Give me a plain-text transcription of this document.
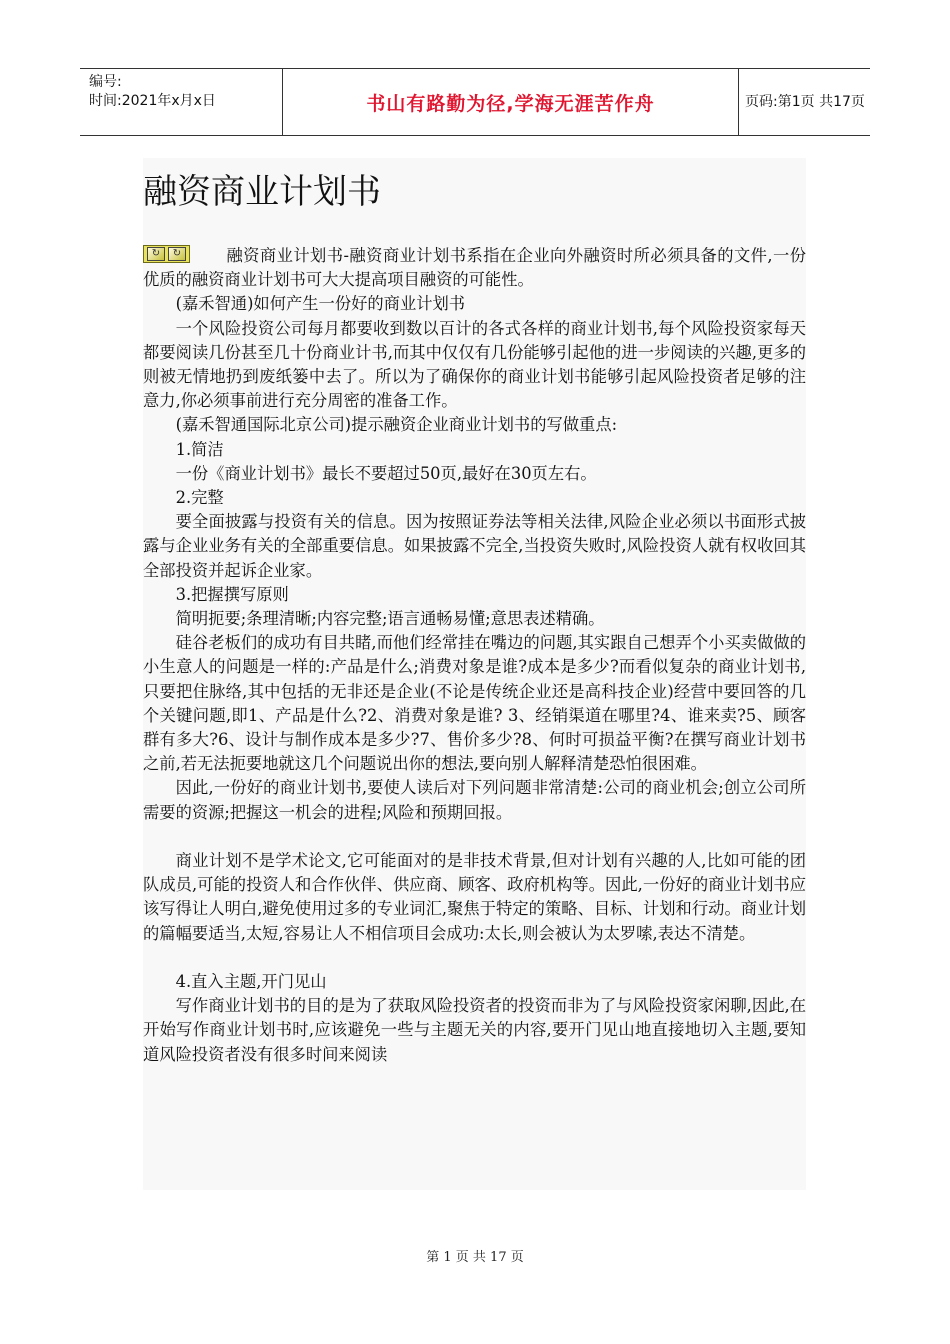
编号:
时间:2021年x月x日	书山有路勤为径,学海无涯苦作舟	页码:第1页 共17页
融资商业计划书

↻	↻	融资商业计划书-融资商业计划书系指在企业向外融资时所必须具备的文件,一份优质的融资商业计划书可大大提高项目融资的可能性。

(嘉禾智通)如何产生一份好的商业计划书

一个风险投资公司每月都要收到数以百计的各式各样的商业计划书,每个风险投资家每天都要阅读几份甚至几十份商业计书,而其中仅仅有几份能够引起他的进一步阅读的兴趣,更多的则被无情地扔到废纸篓中去了。所以为了确保你的商业计划书能够引起风险投资者足够的注意力,你必须事前进行充分周密的准备工作。

(嘉禾智通国际北京公司)提示融资企业商业计划书的写做重点:

1.简洁

一份《商业计划书》最长不要超过50页,最好在30页左右。

2.完整

要全面披露与投资有关的信息。因为按照证券法等相关法律,风险企业必须以书面形式披露与企业业务有关的全部重要信息。如果披露不完全,当投资失败时,风险投资人就有权收回其全部投资并起诉企业家。

3.把握撰写原则

简明扼要;条理清晰;内容完整;语言通畅易懂;意思表述精确。

硅谷老板们的成功有目共睹,而他们经常挂在嘴边的问题,其实跟自己想弄个小买卖做做的小生意人的问题是一样的:产品是什么;消费对象是谁?成本是多少?而看似复杂的商业计划书,只要把住脉络,其中包括的无非还是企业(不论是传统企业还是高科技企业)经营中要回答的几个关键问题,即1、产品是什么?2、消费对象是谁? 3、经销渠道在哪里?4、谁来卖?5、顾客群有多大?6、设计与制作成本是多少?7、售价多少?8、何时可损益平衡?在撰写商业计划书之前,若无法扼要地就这几个问题说出你的想法,要向别人解释清楚恐怕很困难。

因此,一份好的商业计划书,要使人读后对下列问题非常清楚:公司的商业机会;创立公司所需要的资源;把握这一机会的进程;风险和预期回报。

商业计划不是学术论文,它可能面对的是非技术背景,但对计划有兴趣的人,比如可能的团队成员,可能的投资人和合作伙伴、供应商、顾客、政府机构等。因此,一份好的商业计划书应该写得让人明白,避免使用过多的专业词汇,聚焦于特定的策略、目标、计划和行动。商业计划的篇幅要适当,太短,容易让人不相信项目会成功:太长,则会被认为太罗嗦,表达不清楚。

4.直入主题,开门见山

写作商业计划书的目的是为了获取风险投资者的投资而非为了与风险投资家闲聊,因此,在开始写作商业计划书时,应该避免一些与主题无关的内容,要开门见山地直接地切入主题,要知道风险投资者没有很多时间来阅读

第 1 页 共 17 页
